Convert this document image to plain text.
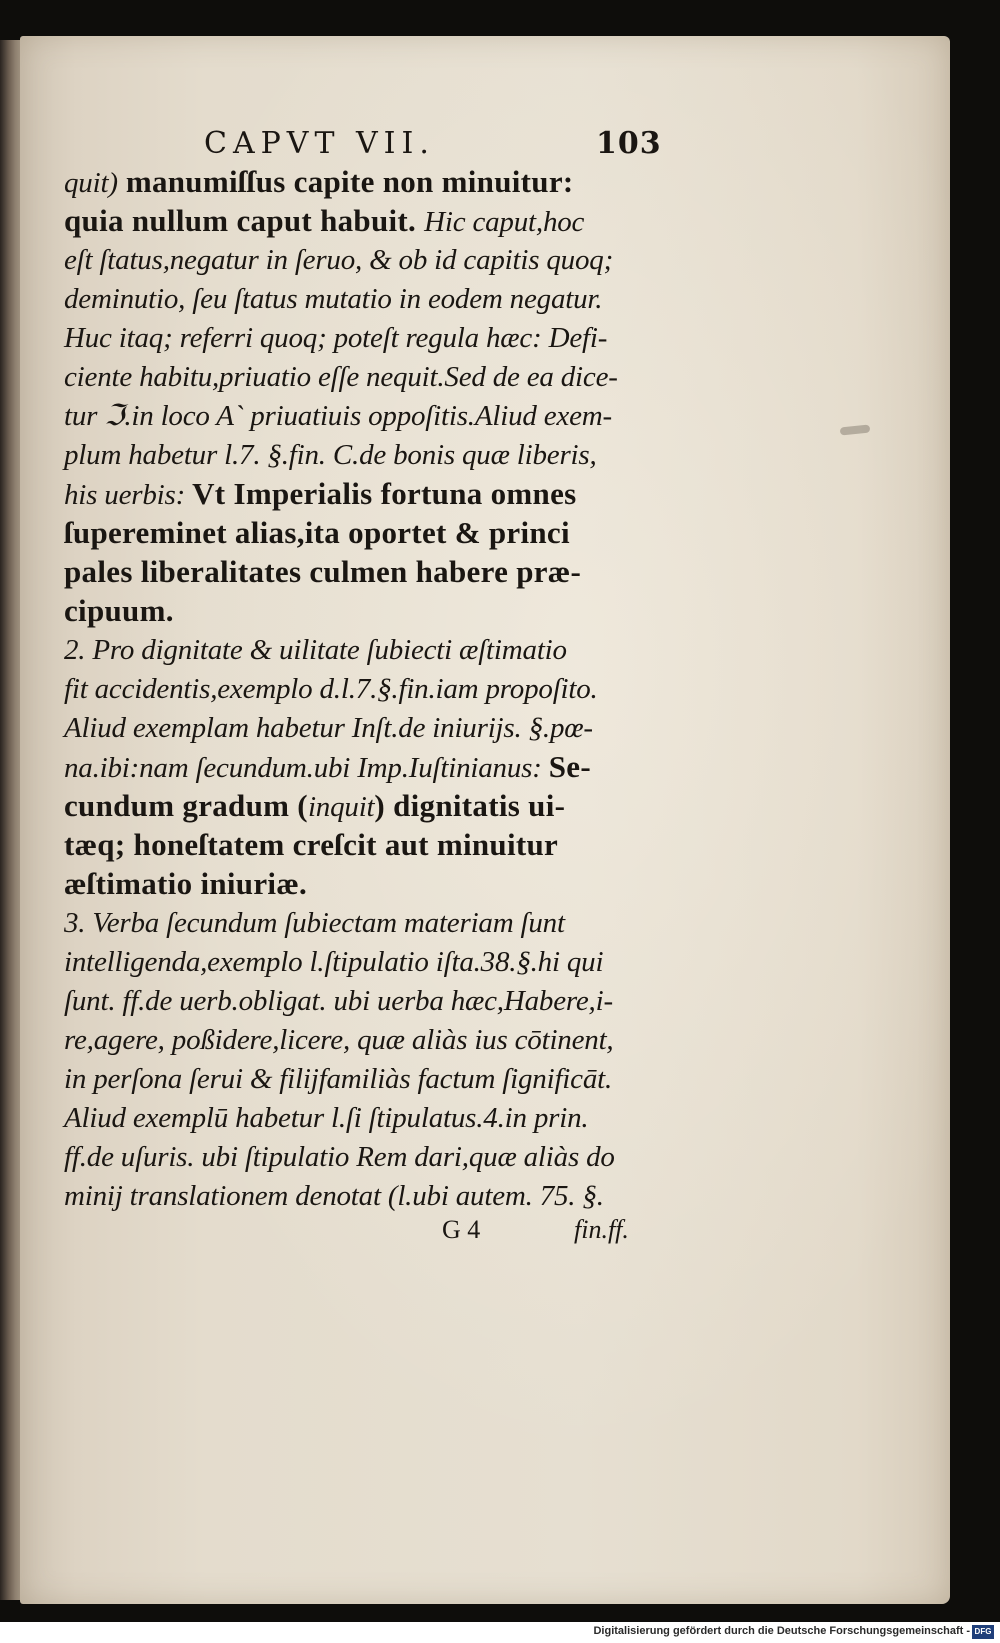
CAPVT VII.	103
quit) manumiſſus capite non minuitur:
quia nullum caput habuit. Hic caput,hoc
eſt ſtatus,negatur in ſeruo, & ob id capitis quoq;
deminutio, ſeu ſtatus mutatio in eodem negatur.
Huc itaq; referri quoq; poteſt regula hæc: Defi-
ciente habitu,priuatio eſſe nequit.Sed de ea dice-
tur ℑ.in loco A` priuatiuis oppoſitis.Aliud exem-
plum habetur l.7. §.fin. C.de bonis quæ liberis,
his uerbis: Vt Imperialis fortuna omnes
ſupereminet alias,ita oportet & princi
pales liberalitates culmen habere præ-
cipuum.
2. Pro dignitate & uilitate ſubiecti æſtimatio
fit accidentis,exemplo d.l.7.§.fin.iam propoſito.
Aliud exemplam habetur Inſt.de iniurijs. §.pœ-
na.ibi:nam ſecundum.ubi Imp.Iuſtinianus: Se-
cundum gradum (inquit) dignitatis ui-
tæq; honeſtatem creſcit aut minuitur
æſtimatio iniuriæ.
3. Verba ſecundum ſubiectam materiam ſunt
intelligenda,exemplo l.ſtipulatio iſta.38.§.hi qui
ſunt. ff.de uerb.obligat. ubi uerba hæc,Habere,i-
re,agere, poßidere,licere, quæ aliàs ius cōtinent,
in perſona ſerui & filijfamiliàs factum ſignificāt.
Aliud exemplū habetur l.ſi ſtipulatus.4.in prin.
ff.de uſuris. ubi ſtipulatio Rem dari,quæ aliàs do
minij translationem denotat (l.ubi autem. 75. §.
G 4	fin.ff.
Digitalisierung gefördert durch die Deutsche Forschungsgemeinschaft - DFG
